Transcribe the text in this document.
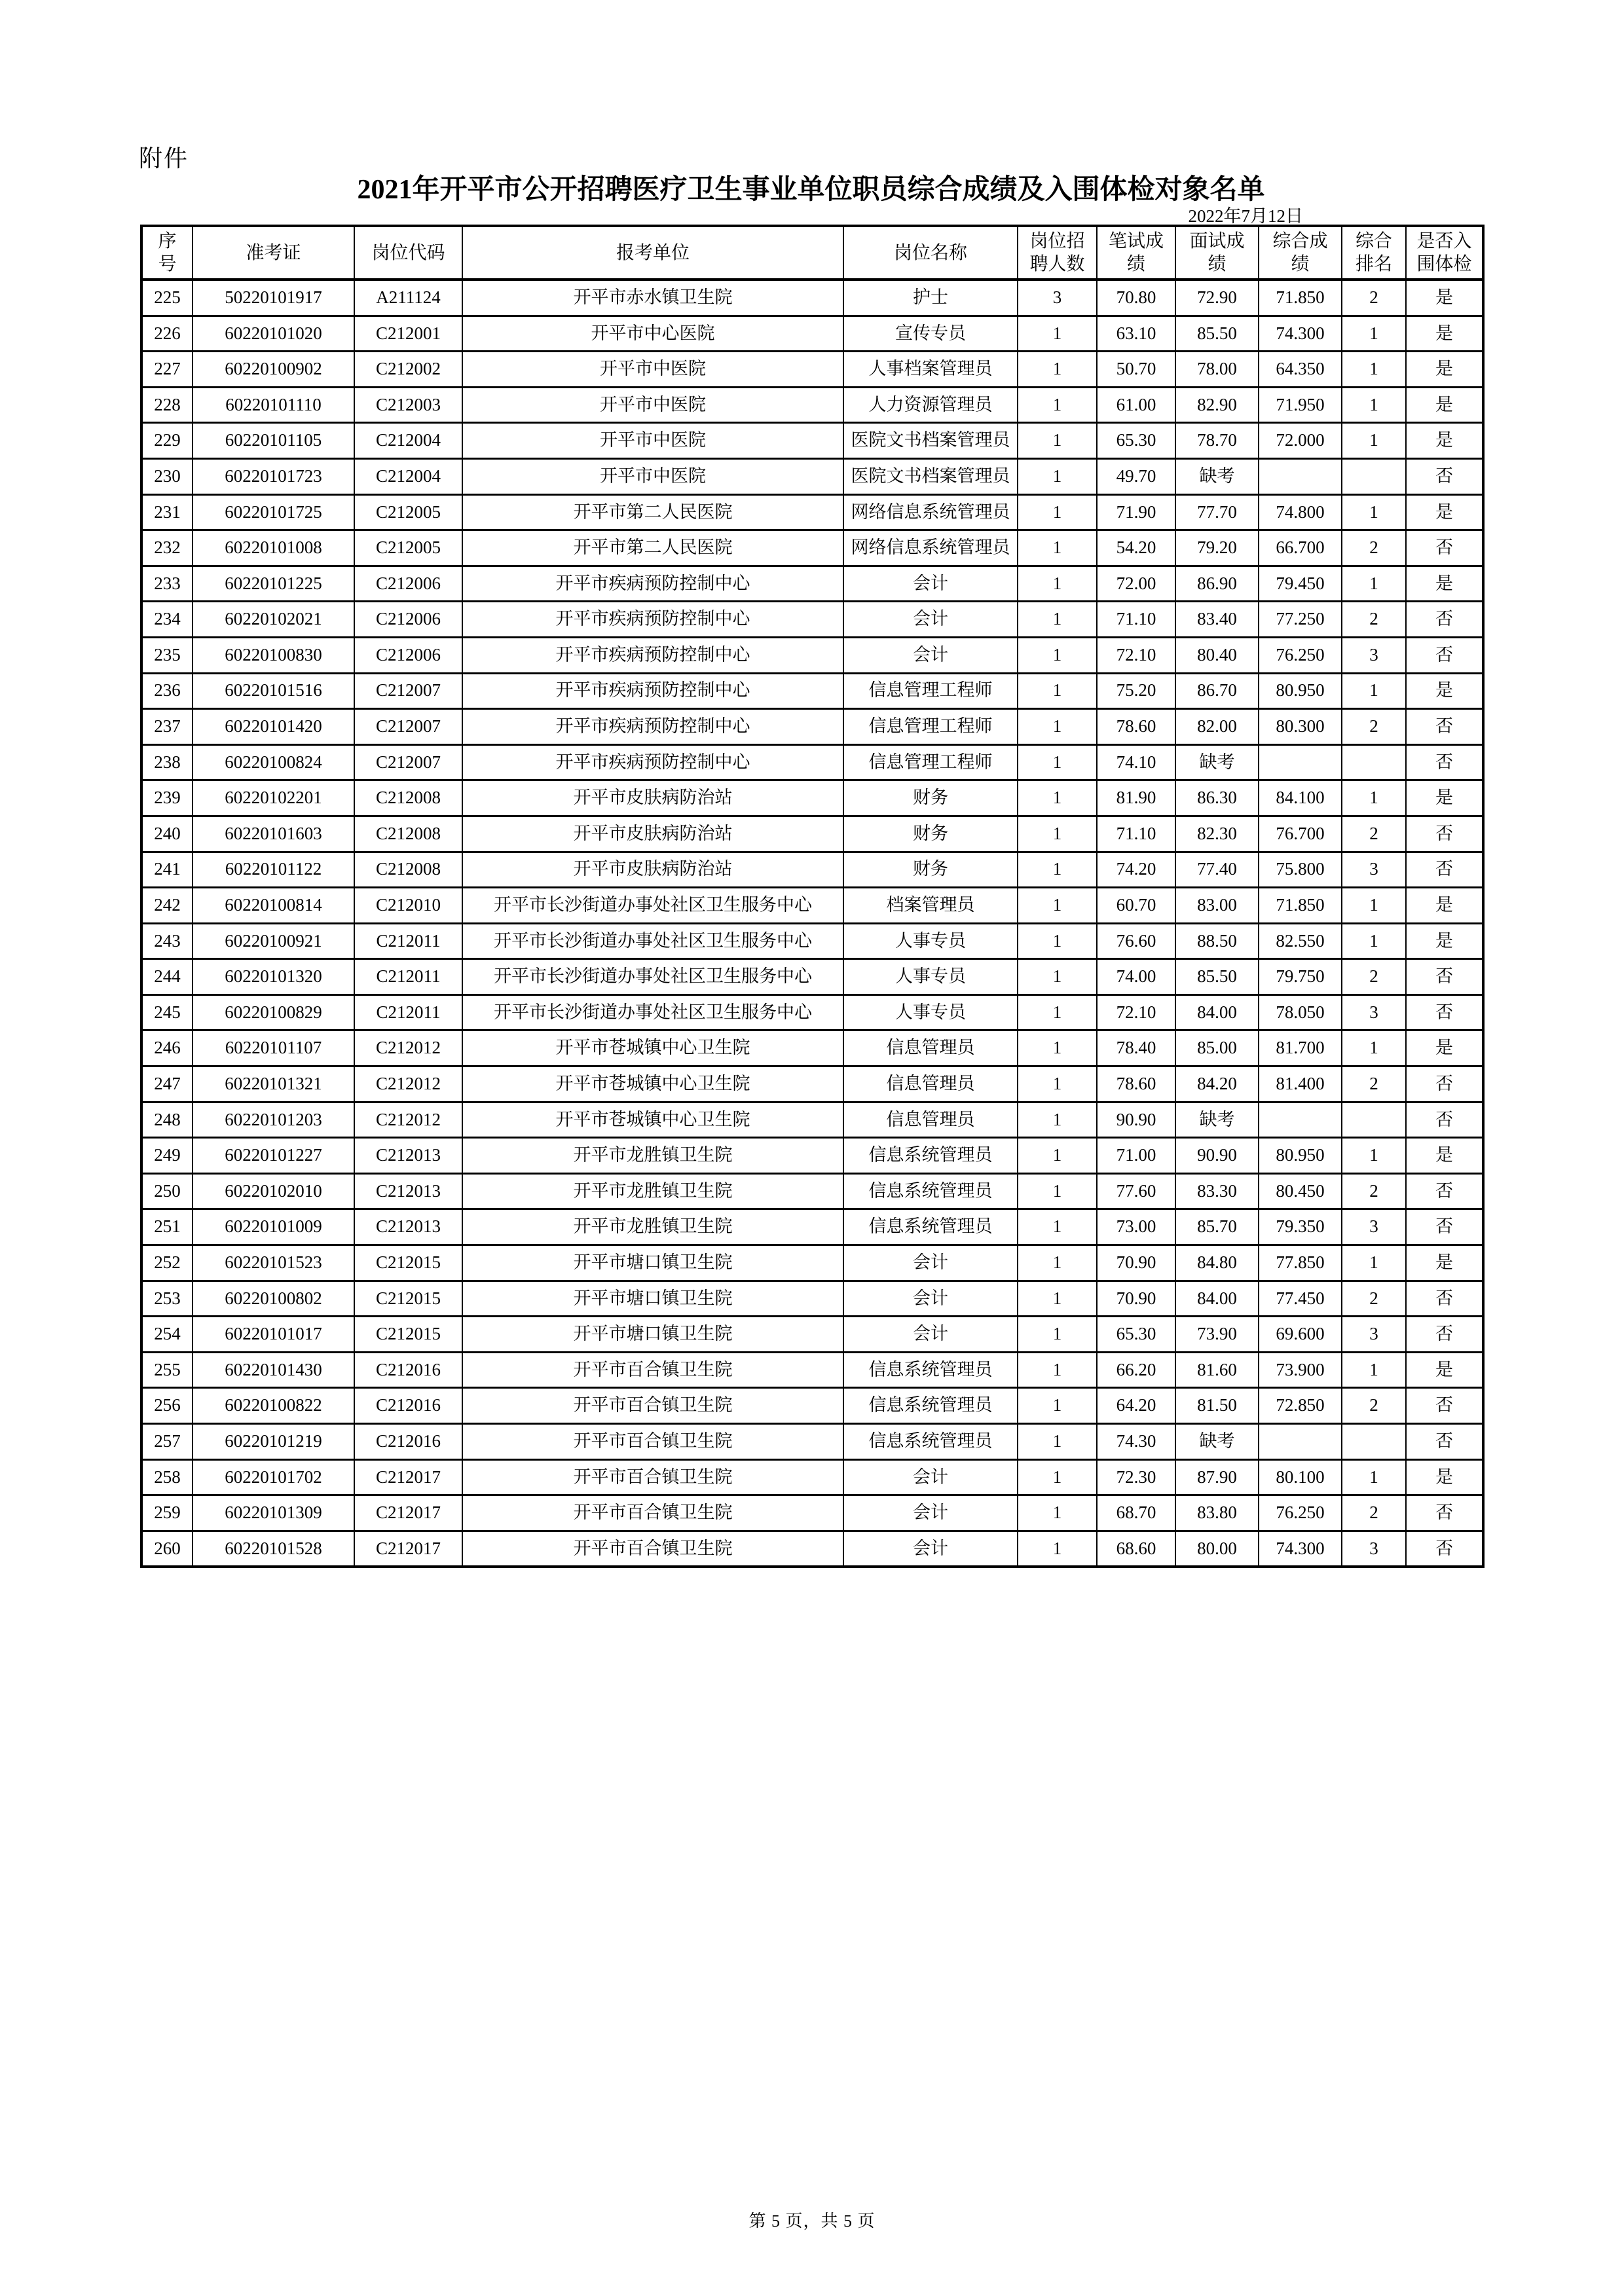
附件
2021年开平市公开招聘医疗卫生事业单位职员综合成绩及入围体检对象名单
2022年7月12日
序号	准考证	岗位代码	报考单位	岗位名称	岗位招聘人数	笔试成绩	面试成绩	综合成绩	综合排名	是否入围体检
225	50220101917	A211124	开平市赤水镇卫生院	护士	3	70.80	72.90	71.850	2	是
226	60220101020	C212001	开平市中心医院	宣传专员	1	63.10	85.50	74.300	1	是
227	60220100902	C212002	开平市中医院	人事档案管理员	1	50.70	78.00	64.350	1	是
228	60220101110	C212003	开平市中医院	人力资源管理员	1	61.00	82.90	71.950	1	是
229	60220101105	C212004	开平市中医院	医院文书档案管理员	1	65.30	78.70	72.000	1	是
230	60220101723	C212004	开平市中医院	医院文书档案管理员	1	49.70	缺考			否
231	60220101725	C212005	开平市第二人民医院	网络信息系统管理员	1	71.90	77.70	74.800	1	是
232	60220101008	C212005	开平市第二人民医院	网络信息系统管理员	1	54.20	79.20	66.700	2	否
233	60220101225	C212006	开平市疾病预防控制中心	会计	1	72.00	86.90	79.450	1	是
234	60220102021	C212006	开平市疾病预防控制中心	会计	1	71.10	83.40	77.250	2	否
235	60220100830	C212006	开平市疾病预防控制中心	会计	1	72.10	80.40	76.250	3	否
236	60220101516	C212007	开平市疾病预防控制中心	信息管理工程师	1	75.20	86.70	80.950	1	是
237	60220101420	C212007	开平市疾病预防控制中心	信息管理工程师	1	78.60	82.00	80.300	2	否
238	60220100824	C212007	开平市疾病预防控制中心	信息管理工程师	1	74.10	缺考			否
239	60220102201	C212008	开平市皮肤病防治站	财务	1	81.90	86.30	84.100	1	是
240	60220101603	C212008	开平市皮肤病防治站	财务	1	71.10	82.30	76.700	2	否
241	60220101122	C212008	开平市皮肤病防治站	财务	1	74.20	77.40	75.800	3	否
242	60220100814	C212010	开平市长沙街道办事处社区卫生服务中心	档案管理员	1	60.70	83.00	71.850	1	是
243	60220100921	C212011	开平市长沙街道办事处社区卫生服务中心	人事专员	1	76.60	88.50	82.550	1	是
244	60220101320	C212011	开平市长沙街道办事处社区卫生服务中心	人事专员	1	74.00	85.50	79.750	2	否
245	60220100829	C212011	开平市长沙街道办事处社区卫生服务中心	人事专员	1	72.10	84.00	78.050	3	否
246	60220101107	C212012	开平市苍城镇中心卫生院	信息管理员	1	78.40	85.00	81.700	1	是
247	60220101321	C212012	开平市苍城镇中心卫生院	信息管理员	1	78.60	84.20	81.400	2	否
248	60220101203	C212012	开平市苍城镇中心卫生院	信息管理员	1	90.90	缺考			否
249	60220101227	C212013	开平市龙胜镇卫生院	信息系统管理员	1	71.00	90.90	80.950	1	是
250	60220102010	C212013	开平市龙胜镇卫生院	信息系统管理员	1	77.60	83.30	80.450	2	否
251	60220101009	C212013	开平市龙胜镇卫生院	信息系统管理员	1	73.00	85.70	79.350	3	否
252	60220101523	C212015	开平市塘口镇卫生院	会计	1	70.90	84.80	77.850	1	是
253	60220100802	C212015	开平市塘口镇卫生院	会计	1	70.90	84.00	77.450	2	否
254	60220101017	C212015	开平市塘口镇卫生院	会计	1	65.30	73.90	69.600	3	否
255	60220101430	C212016	开平市百合镇卫生院	信息系统管理员	1	66.20	81.60	73.900	1	是
256	60220100822	C212016	开平市百合镇卫生院	信息系统管理员	1	64.20	81.50	72.850	2	否
257	60220101219	C212016	开平市百合镇卫生院	信息系统管理员	1	74.30	缺考			否
258	60220101702	C212017	开平市百合镇卫生院	会计	1	72.30	87.90	80.100	1	是
259	60220101309	C212017	开平市百合镇卫生院	会计	1	68.70	83.80	76.250	2	否
260	60220101528	C212017	开平市百合镇卫生院	会计	1	68.60	80.00	74.300	3	否
第 5 页，共 5 页
